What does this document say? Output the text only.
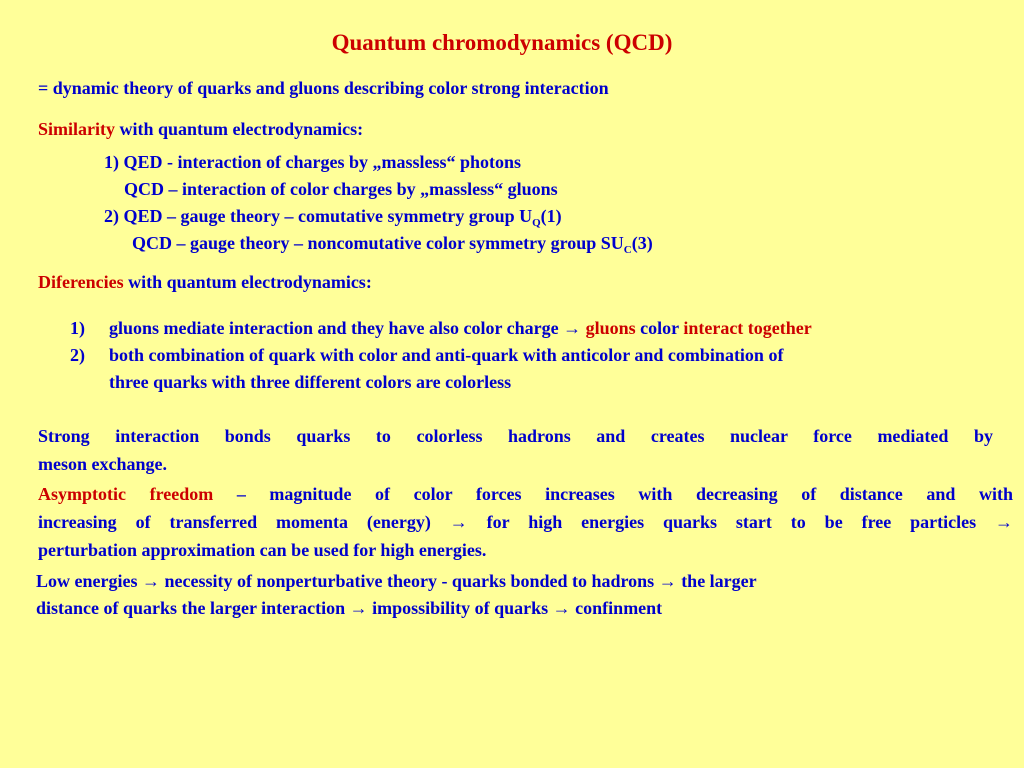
Quantum chromodynamics (QCD)
= dynamic theory of quarks and gluons describing color strong interaction
Similarity with quantum electrodynamics:
1) QED - interaction of charges by „massless“ photons
QCD – interaction of color charges by „massless“ gluons
2) QED – gauge theory – comutative symmetry group $U_Q(1)$
QCD – gauge theory – noncomutative color symmetry group $SU_C(3)$
Diferencies with quantum electrodynamics:
1) gluons mediate interaction and they have also color charge → gluons color interact together
2) both combination of quark with color and anti-quark with anticolor and combination of
three quarks with three different colors are colorless
Strong interaction bonds quarks to colorless hadrons and creates nuclear force mediated by
meson exchange.
Asymptotic freedom – magnitude of color forces increases with decreasing of distance and with
increasing of transferred momenta (energy) → for high energies quarks start to be free particles →
perturbation approximation can be used for high energies.
Low energies → necessity of nonperturbative theory - quarks bonded to hadrons → the larger
distance of quarks the larger interaction → impossibility of quarks → confinment
